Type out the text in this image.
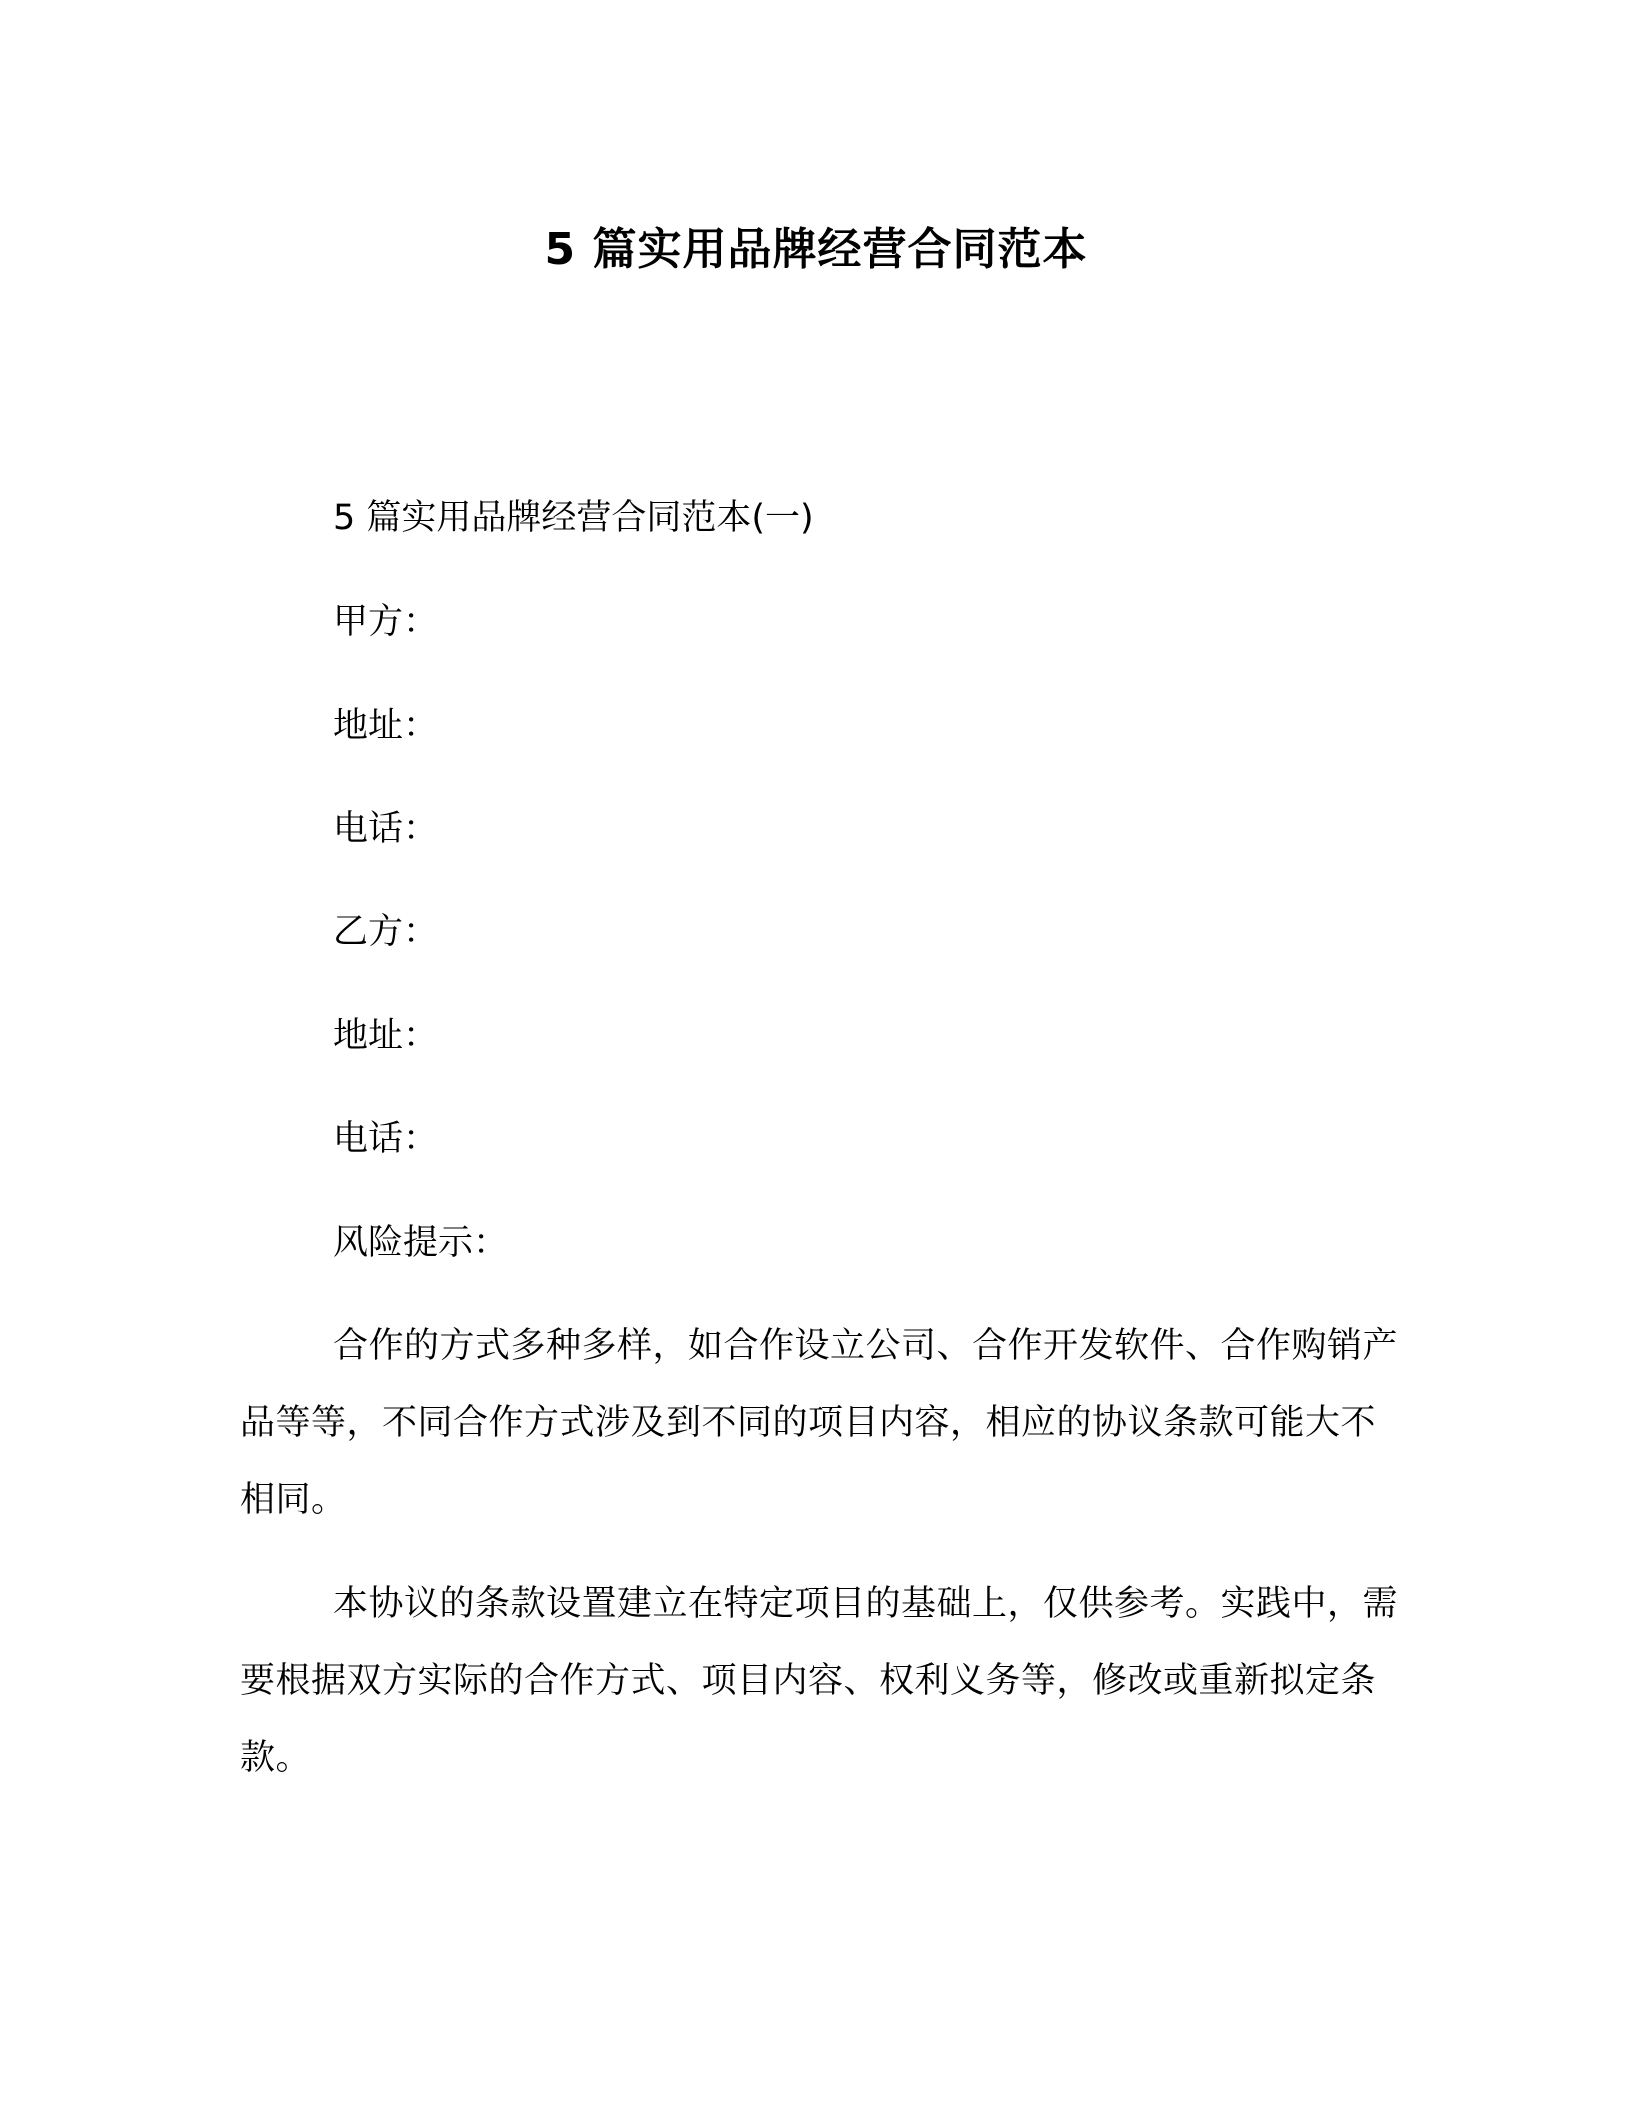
5 篇实用品牌经营合同范本
5 篇实用品牌经营合同范本(一)
甲方：
地址：
电话：
乙方：
地址：
电话：
风险提示：
合作的方式多种多样，如合作设立公司、合作开发软件、合作购销产品等等，不同合作方式涉及到不同的项目内容，相应的协议条款可能大不相同。
本协议的条款设置建立在特定项目的基础上，仅供参考。实践中，需要根据双方实际的合作方式、项目内容、权利义务等，修改或重新拟定条款。
